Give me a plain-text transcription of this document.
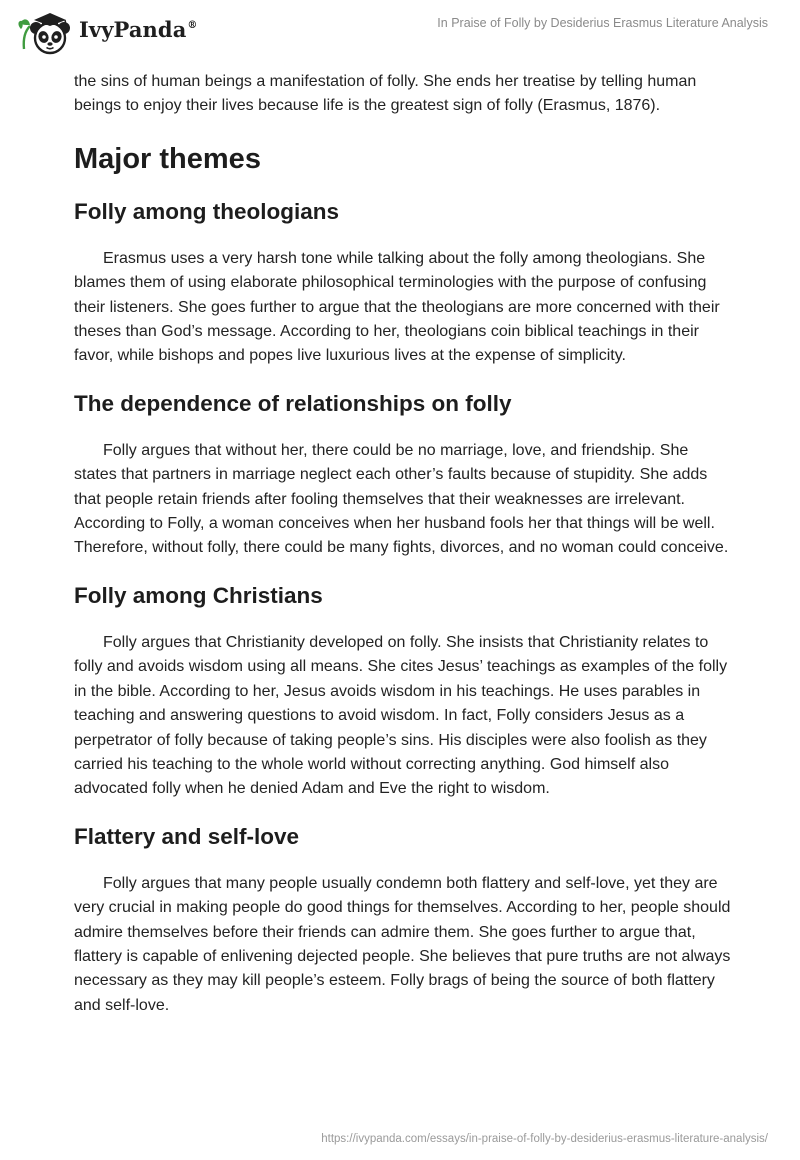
IvyPanda®	In Praise of Folly by Desiderius Erasmus Literature Analysis

the sins of human beings a manifestation of folly. She ends her treatise by telling human beings to enjoy their lives because life is the greatest sign of folly (Erasmus, 1876).

Major themes
Folly among theologians

Erasmus uses a very harsh tone while talking about the folly among theologians. She blames them of using elaborate philosophical terminologies with the purpose of confusing their listeners. She goes further to argue that the theologians are more concerned with their theses than God’s message. According to her, theologians coin biblical teachings in their favor, while bishops and popes live luxurious lives at the expense of simplicity.

The dependence of relationships on folly

Folly argues that without her, there could be no marriage, love, and friendship. She states that partners in marriage neglect each other’s faults because of stupidity. She adds that people retain friends after fooling themselves that their weaknesses are irrelevant. According to Folly, a woman conceives when her husband fools her that things will be well. Therefore, without folly, there could be many fights, divorces, and no woman could conceive.

Folly among Christians

Folly argues that Christianity developed on folly. She insists that Christianity relates to folly and avoids wisdom using all means. She cites Jesus’ teachings as examples of the folly in the bible. According to her, Jesus avoids wisdom in his teachings. He uses parables in teaching and answering questions to avoid wisdom. In fact, Folly considers Jesus as a perpetrator of folly because of taking people’s sins. His disciples were also foolish as they carried his teaching to the whole world without correcting anything. God himself also advocated folly when he denied Adam and Eve the right to wisdom.

Flattery and self-love

Folly argues that many people usually condemn both flattery and self-love, yet they are very crucial in making people do good things for themselves. According to her, people should admire themselves before their friends can admire them. She goes further to argue that, flattery is capable of enlivening dejected people. She believes that pure truths are not always necessary as they may kill people’s esteem. Folly brags of being the source of both flattery and self-love.

https://ivypanda.com/essays/in-praise-of-folly-by-desiderius-erasmus-literature-analysis/
